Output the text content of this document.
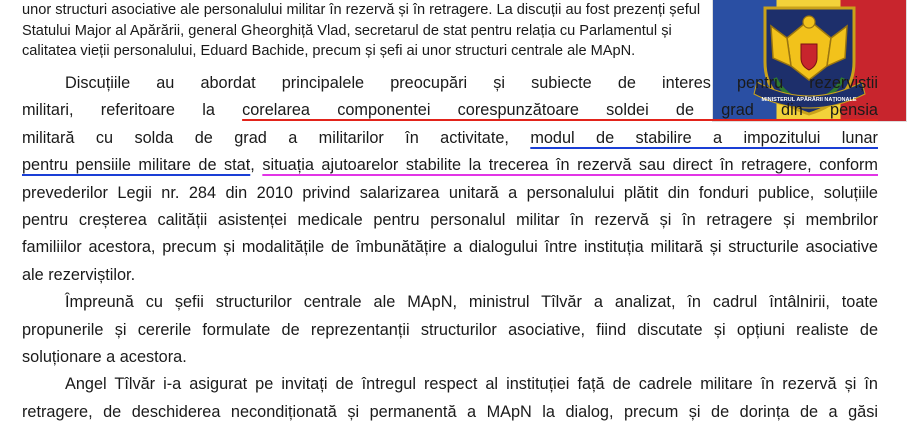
unor structuri asociative ale personalului militar în rezervă și în retragere. La discuții au fost prezenți șeful
Statului Major al Apărării, general Gheorghiță Vlad, secretarul de stat pentru relația cu Parlamentul și
calitatea vieții personalului, Eduard Bachide, precum și șefi ai unor structuri centrale ale MApN.
MINISTERUL APĂRĂRII NAȚIONALE
Discuțiile au abordat principalele preocupări și subiecte de interes pentru rezerviștii
militari, referitoare la corelarea componentei corespunzătoare soldei de grad din pensia
militară cu solda de grad a militarilor în activitate, modul de stabilire a impozitului lunar
pentru pensiile militare de stat, situația ajutoarelor stabilite la trecerea în rezervă sau direct în retragere, conform
prevederilor Legii nr. 284 din 2010 privind salarizarea unitară a personalului plătit din fonduri publice, soluțiile
pentru creșterea calității asistenței medicale pentru personalul militar în rezervă și în retragere și membrilor
familiilor acestora, precum și modalitățile de îmbunătățire a dialogului între instituția militară și structurile asociative
ale rezerviștilor.
Împreună cu șefii structurilor centrale ale MApN, ministrul Tîlvăr a analizat, în cadrul întâlnirii, toate
propunerile și cererile formulate de reprezentanții structurilor asociative, fiind discutate și opțiuni realiste de
soluționare a acestora.
Angel Tîlvăr i-a asigurat pe invitați de întregul respect al instituției față de cadrele militare în rezervă și în
retragere, de deschiderea necondiționată și permanentă a MApN la dialog, precum și de dorința de a găsi
